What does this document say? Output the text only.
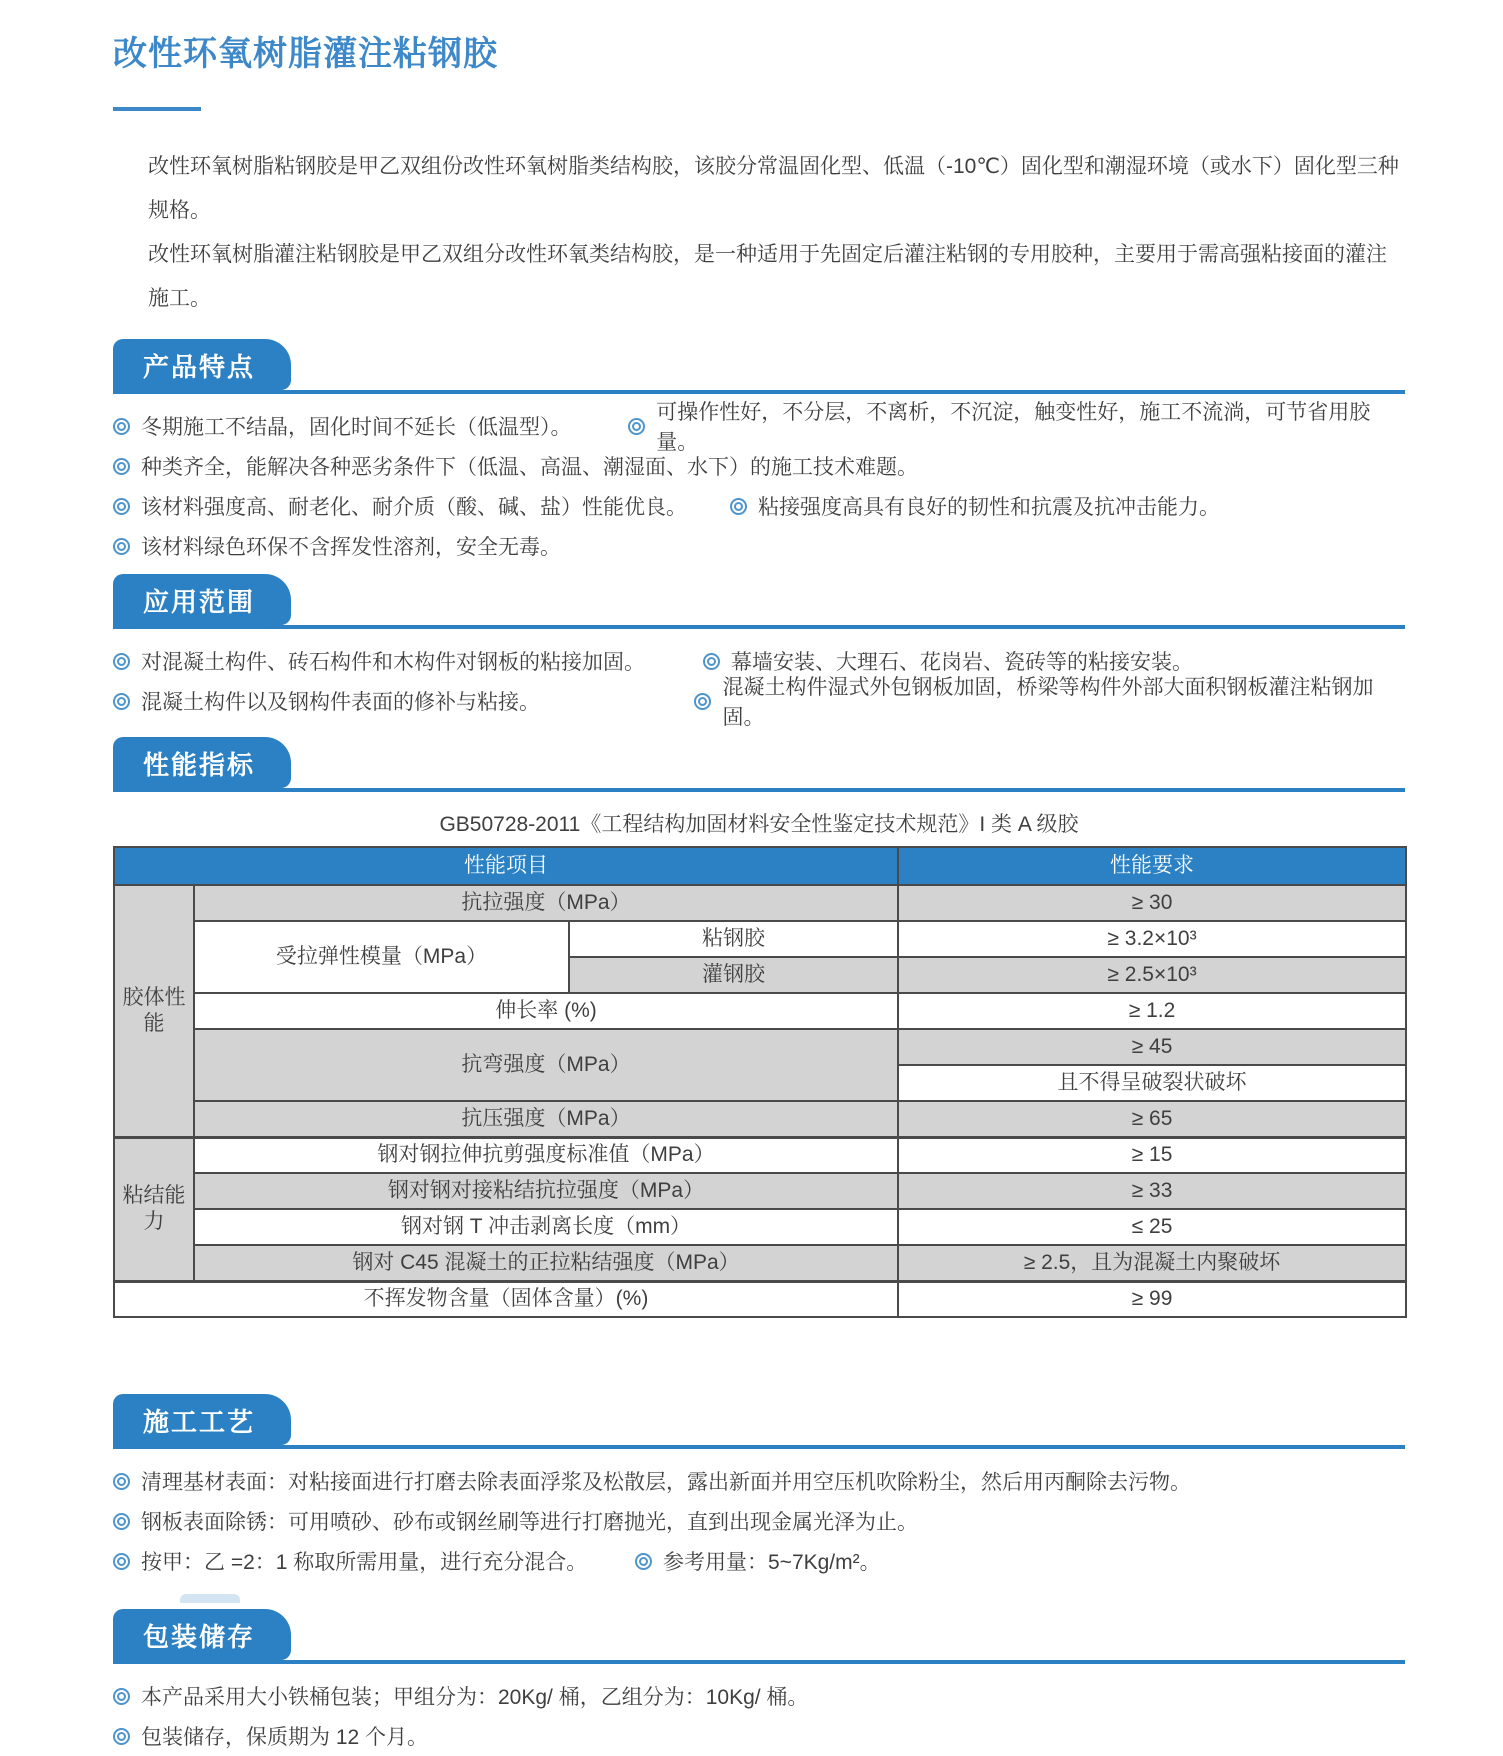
改性环氧树脂灌注粘钢胶
改性环氧树脂粘钢胶是甲乙双组份改性环氧树脂类结构胶，该胶分常温固化型、低温（-10℃）固化型和潮湿环境（或水下）固化型三种规格。
改性环氧树脂灌注粘钢胶是甲乙双组分改性环氧类结构胶，是一种适用于先固定后灌注粘钢的专用胶种，主要用于需高强粘接面的灌注施工。
产品特点
冬期施工不结晶，固化时间不延长（低温型）。
可操作性好，不分层，不离析，不沉淀，触变性好，施工不流淌，可节省用胶量。
种类齐全，能解决各种恶劣条件下（低温、高温、潮湿面、水下）的施工技术难题。
该材料强度高、耐老化、耐介质（酸、碱、盐）性能优良。	粘接强度高具有良好的韧性和抗震及抗冲击能力。
该材料绿色环保不含挥发性溶剂，安全无毒。
应用范围
对混凝土构件、砖石构件和木构件对钢板的粘接加固。	幕墙安装、大理石、花岗岩、瓷砖等的粘接安装。
混凝土构件以及钢构件表面的修补与粘接。
混凝土构件湿式外包钢板加固，桥梁等构件外部大面积钢板灌注粘钢加固。
性能指标
GB50728-2011《工程结构加固材料安全性鉴定技术规范》I 类 A 级胶
性能项目			性能要求
胶体性能	抗拉强度（MPa）		≥ 30
	受拉弹性模量（MPa）	粘钢胶	≥ 3.2×10³
		灌钢胶	≥ 2.5×10³
	伸长率 (%)		≥ 1.2
	抗弯强度（MPa）		≥ 45
			且不得呈破裂状破坏
	抗压强度（MPa）		≥ 65
粘结能力	钢对钢拉伸抗剪强度标准值（MPa）		≥ 15
	钢对钢对接粘结抗拉强度（MPa）		≥ 33
	钢对钢 T 冲击剥离长度（mm）		≤ 25
	钢对 C45 混凝土的正拉粘结强度（MPa）		≥ 2.5，且为混凝土内聚破坏
不挥发物含量（固体含量）(%)			≥ 99
施工工艺
清理基材表面：对粘接面进行打磨去除表面浮浆及松散层，露出新面并用空压机吹除粉尘，然后用丙酮除去污物。
钢板表面除锈：可用喷砂、砂布或钢丝刷等进行打磨抛光，直到出现金属光泽为止。
按甲：乙 =2：1 称取所需用量，进行充分混合。	参考用量：5~7Kg/m²。
包装储存
本产品采用大小铁桶包装；甲组分为：20Kg/ 桶，乙组分为：10Kg/ 桶。
包装储存，保质期为 12 个月。
